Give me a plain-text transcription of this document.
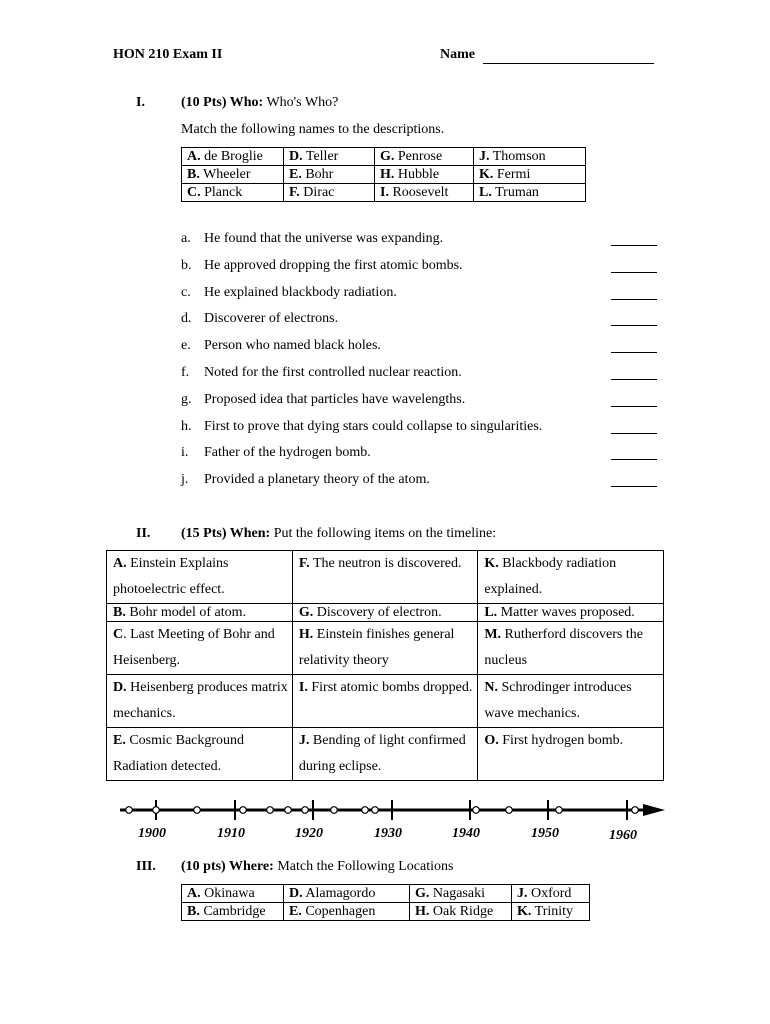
HON 210 Exam II	Name
I.	(10 Pts) Who: Who's Who?
Match the following names to the descriptions.
A. de Broglie	D. Teller	G. Penrose	J. Thomson
B. Wheeler	E. Bohr	H. Hubble	K. Fermi
C. Planck	F. Dirac	I. Roosevelt	L. Truman
a. He found that the universe was expanding.
b. He approved dropping the first atomic bombs.
c. He explained blackbody radiation.
d. Discoverer of electrons.
e. Person who named black holes.
f. Noted for the first controlled nuclear reaction.
g. Proposed idea that particles have wavelengths.
h. First to prove that dying stars could collapse to singularities.
i. Father of the hydrogen bomb.
j. Provided a planetary theory of the atom.
II.	(15 Pts) When: Put the following items on the timeline:
A. Einstein Explains photoelectric effect.	F. The neutron is discovered.	K. Blackbody radiation explained.
B. Bohr model of atom.	G. Discovery of electron.	L. Matter waves proposed.
C. Last Meeting of Bohr and Heisenberg.	H. Einstein finishes general relativity theory	M. Rutherford discovers the nucleus
D. Heisenberg produces matrix mechanics.	I. First atomic bombs dropped.	N. Schrodinger introduces wave mechanics.
E. Cosmic Background Radiation detected.	J. Bending of light confirmed during eclipse.	O. First hydrogen bomb.
1900	1910	1920	1930	1940	1950	1960
III.	(10 pts) Where: Match the Following Locations
A. Okinawa	D. Alamagordo	G. Nagasaki	J. Oxford
B. Cambridge	E. Copenhagen	H. Oak Ridge	K. Trinity
